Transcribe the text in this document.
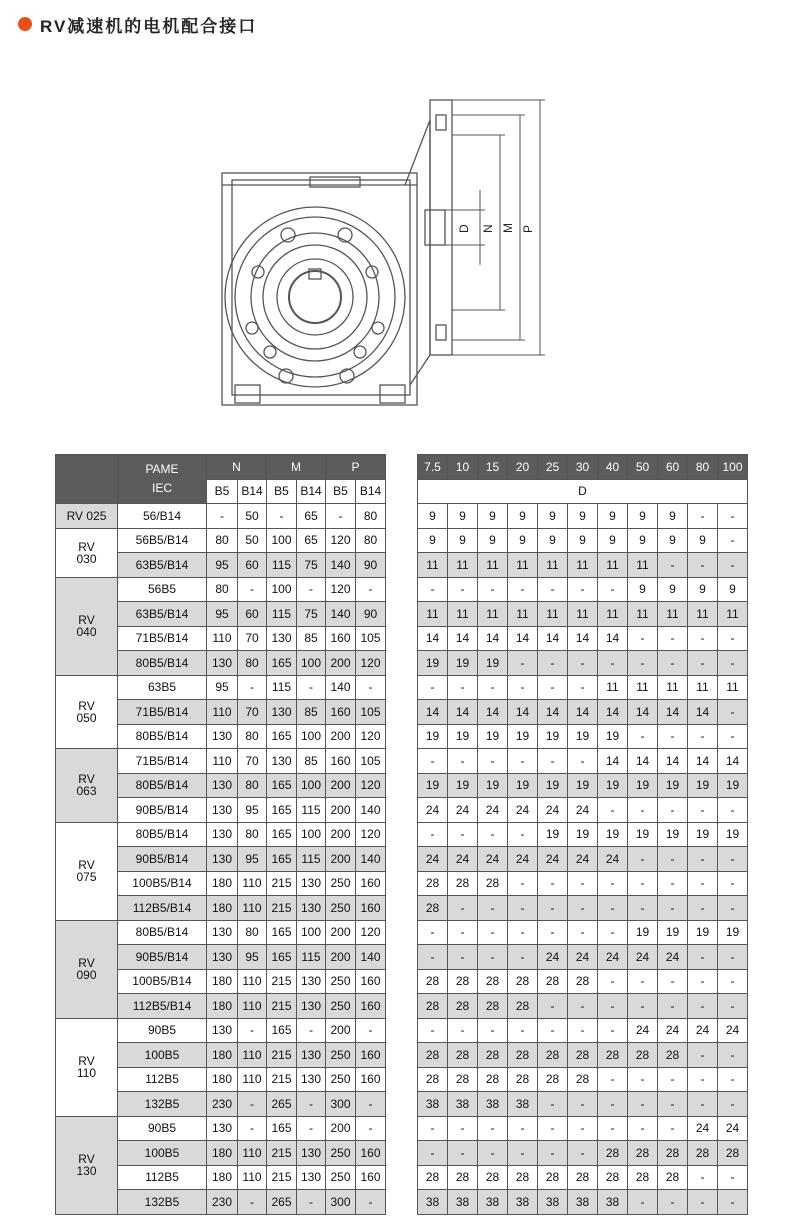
RV减速机的电机配合接口
D N M P

	PAME
IEC	N		M		P	
		B5	B14	B5	B14	B5	B14

RV 025	56/B14	-	50	-	65	-	80

RV
030	56B5/B14	80	50	100	65	120	80
	63B5/B14	95	60	115	75	140	90

RV
040	56B5	80	-	100	-	120	-
	63B5/B14	95	60	115	75	140	90
	71B5/B14	110	70	130	85	160	105
	80B5/B14	130	80	165	100	200	120

RV
050	63B5	95	-	115	-	140	-
	71B5/B14	110	70	130	85	160	105
	80B5/B14	130	80	165	100	200	120

RV
063	71B5/B14	110	70	130	85	160	105
	80B5/B14	130	80	165	100	200	120
	90B5/B14	130	95	165	115	200	140

RV
075	80B5/B14	130	80	165	100	200	120
	90B5/B14	130	95	165	115	200	140
	100B5/B14	180	110	215	130	250	160
	112B5/B14	180	110	215	130	250	160

RV
090	80B5/B14	130	80	165	100	200	120
	90B5/B14	130	95	165	115	200	140
	100B5/B14	180	110	215	130	250	160
	112B5/B14	180	110	215	130	250	160

RV
110	90B5	130	-	165	-	200	-
	100B5	180	110	215	130	250	160
	112B5	180	110	215	130	250	160
	132B5	230	-	265	-	300	-

RV
130	90B5	130	-	165	-	200	-
	100B5	180	110	215	130	250	160
	112B5	180	110	215	130	250	160
	132B5	230	-	265	-	300	-
7.5	10	15	20	25	30	40	50	60	80	100
D										
9	9	9	9	9	9	9	9	9	-	-
9	9	9	9	9	9	9	9	9	9	-
11	11	11	11	11	11	11	11	-	-	-
-	-	-	-	-	-	-	9	9	9	9
11	11	11	11	11	11	11	11	11	11	11
14	14	14	14	14	14	14	-	-	-	-
19	19	19	-	-	-	-	-	-	-	-
-	-	-	-	-	-	11	11	11	11	11
14	14	14	14	14	14	14	14	14	14	-
19	19	19	19	19	19	19	-	-	-	-
-	-	-	-	-	-	14	14	14	14	14
19	19	19	19	19	19	19	19	19	19	19
24	24	24	24	24	24	-	-	-	-	-
-	-	-	-	19	19	19	19	19	19	19
24	24	24	24	24	24	24	-	-	-	-
28	28	28	-	-	-	-	-	-	-	-
28	-	-	-	-	-	-	-	-	-	-
-	-	-	-	-	-	-	19	19	19	19
-	-	-	-	24	24	24	24	24	-	-
28	28	28	28	28	28	-	-	-	-	-
28	28	28	28	-	-	-	-	-	-	-
-	-	-	-	-	-	-	24	24	24	24
28	28	28	28	28	28	28	28	28	-	-
28	28	28	28	28	28	-	-	-	-	-
38	38	38	38	-	-	-	-	-	-	-
-	-	-	-	-	-	-	-	-	24	24
-	-	-	-	-	-	28	28	28	28	28
28	28	28	28	28	28	28	28	28	-	-
38	38	38	38	38	38	38	-	-	-	-
